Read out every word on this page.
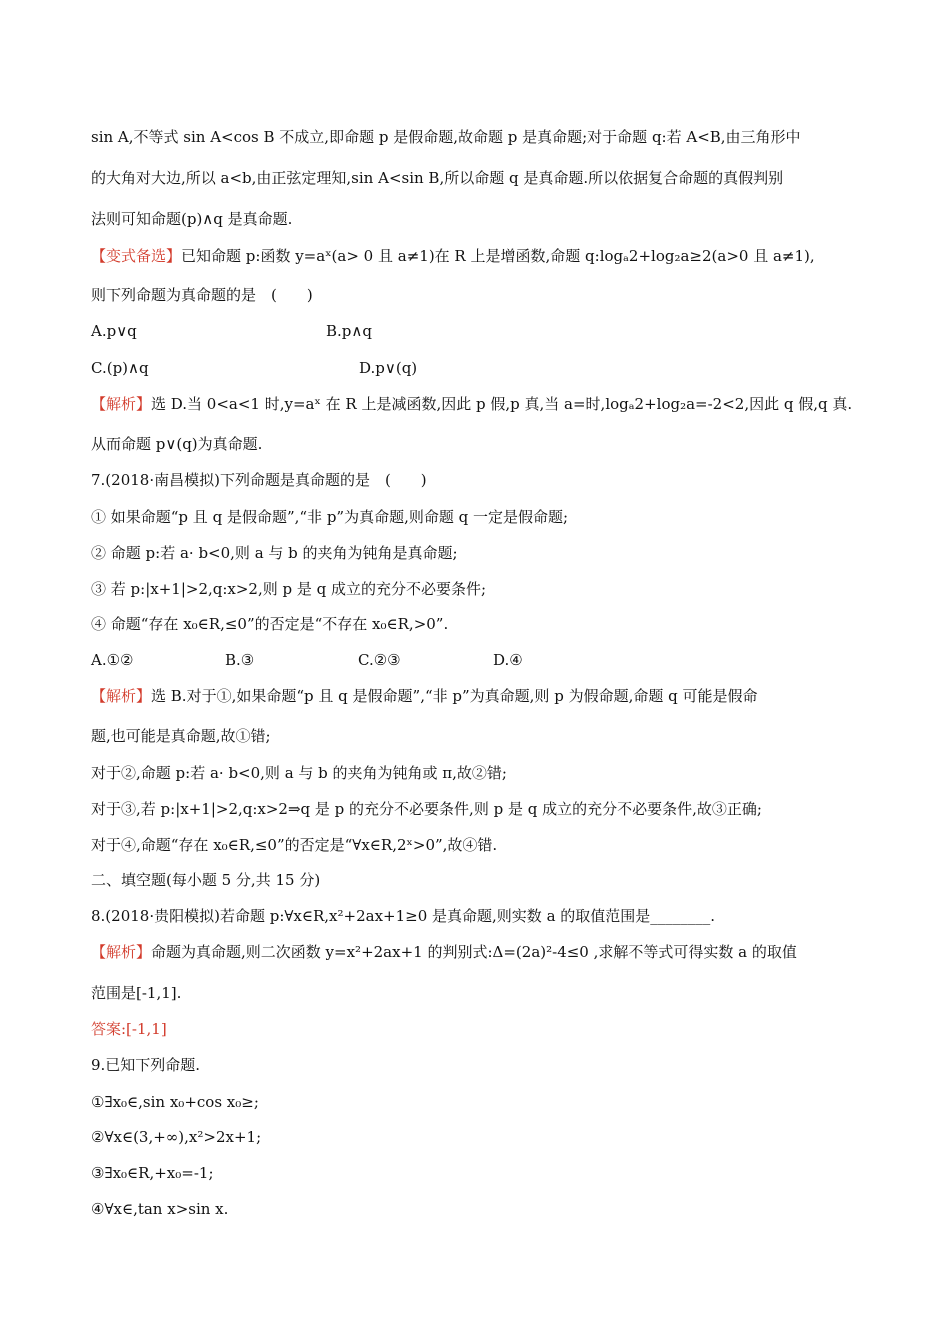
sin A,不等式 sin A<cos B 不成立,即命题 p 是假命题,故命题 p 是真命题;对于命题 q:若 A<B,由三角形中
的大角对大边,所以 a<b,由正弦定理知,sin A<sin B,所以命题 q 是真命题.所以依据复合命题的真假判别
法则可知命题(p)∧q 是真命题.
【变式备选】已知命题 p:函数 y=aˣ(a> 0 且 a≠1)在 R 上是增函数,命题 q:logₐ2+log₂a≥2(a>0 且 a≠1),
则下列命题为真命题的是　(　　)
A.p∨q	B.p∧q
C.(p)∧q	D.p∨(q)
【解析】选 D.当 0<a<1 时,y=aˣ 在 R 上是减函数,因此 p 假,p 真,当 a=时,logₐ2+log₂a=-2<2,因此 q 假,q 真.
从而命题 p∨(q)为真命题.
7.(2018·南昌模拟)下列命题是真命题的是　(　　)
① 如果命题“p 且 q 是假命题”,“非 p”为真命题,则命题 q 一定是假命题;
② 命题 p:若 a· b<0,则 a 与 b 的夹角为钝角是真命题;
③ 若 p:|x+1|>2,q:x>2,则 p 是 q 成立的充分不必要条件;
④ 命题“存在 x₀∈R,≤0”的否定是“不存在 x₀∈R,>0”.
A.①②	B.③	C.②③	D.④
【解析】选 B.对于①,如果命题“p 且 q 是假命题”,“非 p”为真命题,则 p 为假命题,命题 q 可能是假命
题,也可能是真命题,故①错;
对于②,命题 p:若 a· b<0,则 a 与 b 的夹角为钝角或 π,故②错;
对于③,若 p:|x+1|>2,q:x>2⇒q 是 p 的充分不必要条件,则 p 是 q 成立的充分不必要条件,故③正确;
对于④,命题“存在 x₀∈R,≤0”的否定是“∀x∈R,2ˣ>0”,故④错.
二、填空题(每小题 5 分,共 15 分)
8.(2018·贵阳模拟)若命题 p:∀x∈R,x²+2ax+1≥0 是真命题,则实数 a 的取值范围是________.
【解析】命题为真命题,则二次函数 y=x²+2ax+1 的判别式:Δ=(2a)²-4≤0 ,求解不等式可得实数 a 的取值
范围是[-1,1].
答案:[-1,1]
9.已知下列命题.
①∃x₀∈,sin x₀+cos x₀≥;
②∀x∈(3,+∞),x²>2x+1;
③∃x₀∈R,+x₀=-1;
④∀x∈,tan x>sin x.
